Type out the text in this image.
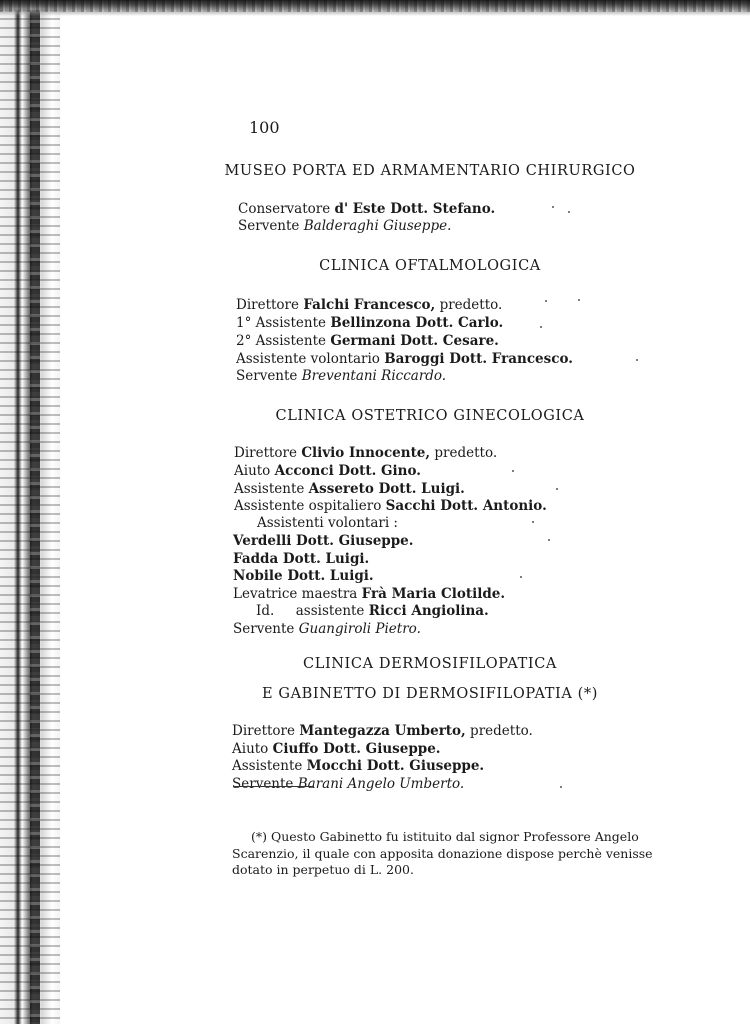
100
MUSEO PORTA ED ARMAMENTARIO CHIRURGICO
Conservatore d' Este Dott. Stefano.
Servente Balderaghi Giuseppe.
CLINICA OFTALMOLOGICA
Direttore Falchi Francesco, predetto.
1° Assistente Bellinzona Dott. Carlo.
2° Assistente Germani Dott. Cesare.
Assistente volontario Baroggi Dott. Francesco.
Servente Breventani Riccardo.
CLINICA OSTETRICO GINECOLOGICA
Direttore Clivio Innocente, predetto.
Aiuto Acconci Dott. Gino.
Assistente Assereto Dott. Luigi.
Assistente ospitaliero Sacchi Dott. Antonio.
Assistenti volontari :
Verdelli Dott. Giuseppe.
Fadda Dott. Luigi.
Nobile Dott. Luigi.
Levatrice maestra Frà Maria Clotilde.
Id. assistente Ricci Angiolina.
Servente Guangiroli Pietro.
CLINICA DERMOSIFILOPATICA
E GABINETTO DI DERMOSIFILOPATIA (*)
Direttore Mantegazza Umberto, predetto.
Aiuto Ciuffo Dott. Giuseppe.
Assistente Mocchi Dott. Giuseppe.
Servente Barani Angelo Umberto.
(*) Questo Gabinetto fu istituito dal signor Professore Angelo
Scarenzio, il quale con apposita donazione dispose perchè venisse
dotato in perpetuo di L. 200.
